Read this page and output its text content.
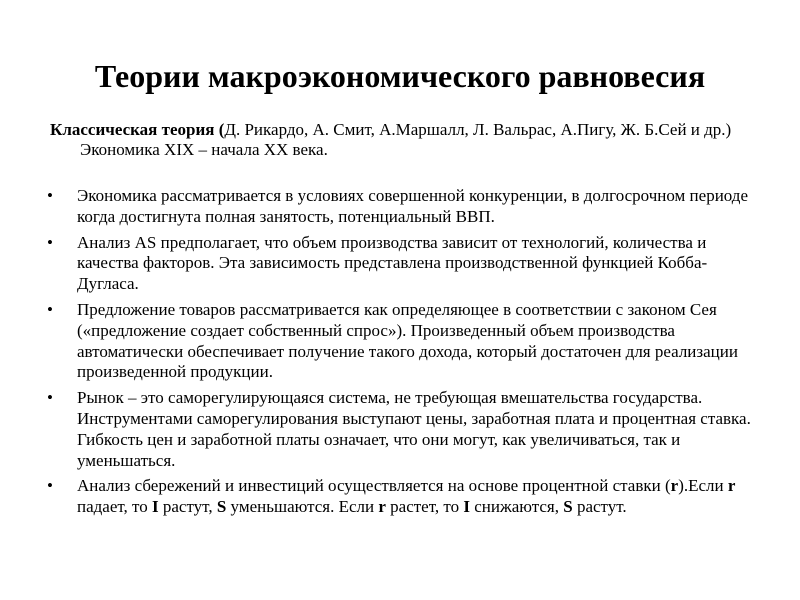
Теории макроэкономического равновесия
Классическая теория (Д. Рикардо, А. Смит, А.Маршалл, Л. Вальрас, А.Пигу, Ж. Б.Сей и др.) Экономика XIX – начала XX века.
•	Экономика рассматривается в условиях совершенной конкуренции, в долгосрочном периоде когда достигнута полная занятость, потенциальный ВВП.
•	Анализ AS предполагает, что объем производства зависит от технологий, количества и качества факторов. Эта зависимость представлена производственной функцией Кобба-Дугласа.
•	Предложение товаров рассматривается как определяющее в соответствии с законом Сея («предложение создает собственный спрос»). Произведенный объем производства автоматически обеспечивает получение такого дохода, который достаточен для реализации произведенной продукции.
•	Рынок – это саморегулирующаяся система, не требующая вмешательства государства. Инструментами саморегулирования выступают цены, заработная плата и процентная ставка. Гибкость цен и заработной платы означает, что они могут, как увеличиваться, так и уменьшаться.
•	Анализ сбережений и инвестиций осуществляется на основе процентной ставки (r).Если r падает, то I растут, S уменьшаются. Если r растет, то I снижаются, S растут.
